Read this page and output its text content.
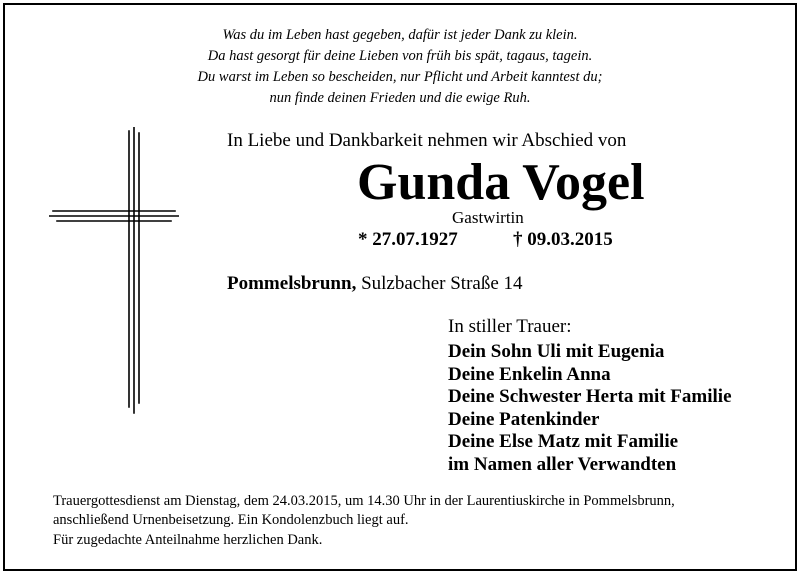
Was du im Leben hast gegeben, dafür ist jeder Dank zu klein.
Da hast gesorgt für deine Lieben von früh bis spät, tagaus, tagein.
Du warst im Leben so bescheiden, nur Pflicht und Arbeit kanntest du;
nun finde deinen Frieden und die ewige Ruh.
In Liebe und Dankbarkeit nehmen wir Abschied von
Gunda Vogel
Gastwirtin
* 27.07.1927	† 09.03.2015
Pommelsbrunn, Sulzbacher Straße 14
In stiller Trauer:
Dein Sohn Uli mit Eugenia
Deine Enkelin Anna
Deine Schwester Herta mit Familie
Deine Patenkinder
Deine Else Matz mit Familie
im Namen aller Verwandten
Trauergottesdienst am Dienstag, dem 24.03.2015, um 14.30 Uhr in der Laurentiuskirche in Pommelsbrunn,
anschließend Urnenbeisetzung. Ein Kondolenzbuch liegt auf.
Für zugedachte Anteilnahme herzlichen Dank.
